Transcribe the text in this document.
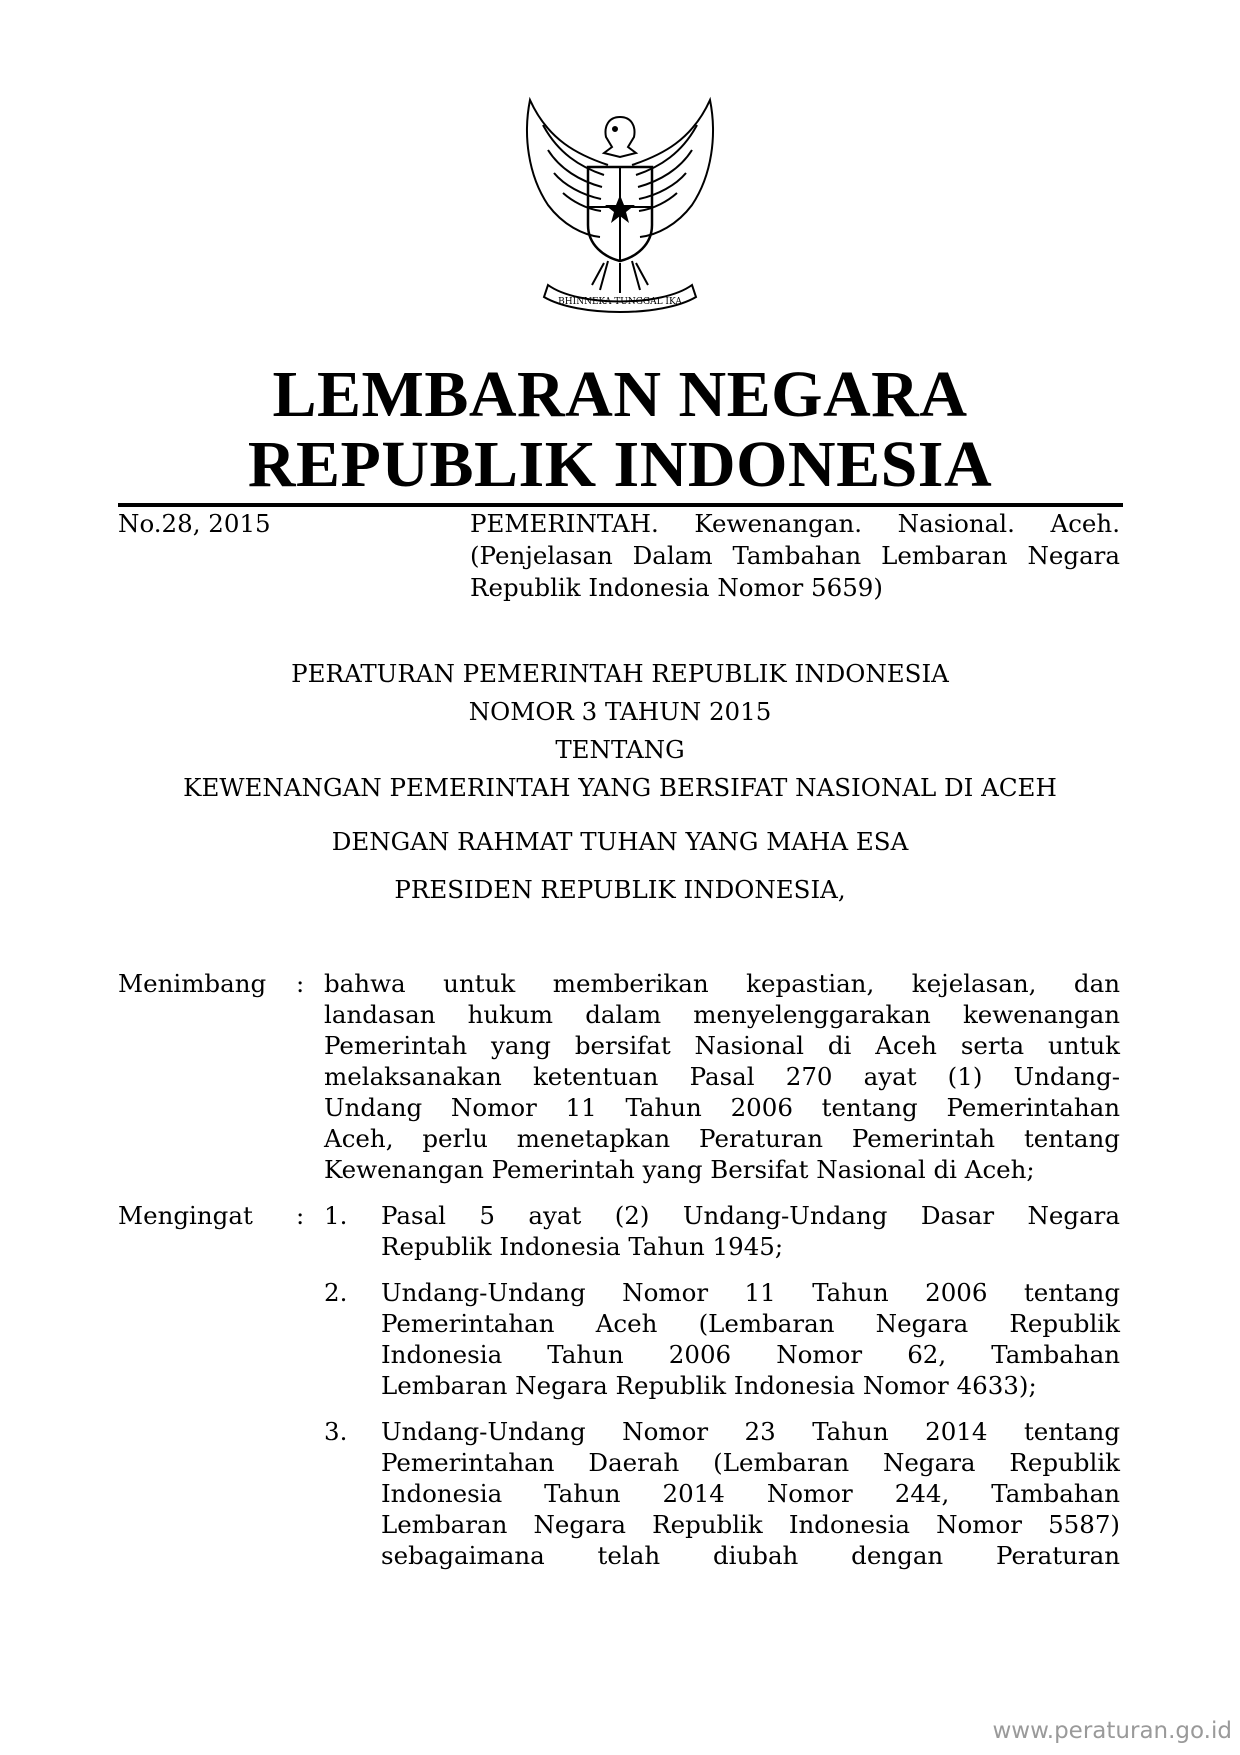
BHINNEKA TUNGGAL IKA
LEMBARAN NEGARA
REPUBLIK INDONESIA
No.28, 2015	PEMERINTAH. Kewenangan. Nasional. Aceh.
(Penjelasan Dalam Tambahan Lembaran Negara
Republik Indonesia Nomor 5659)
PERATURAN PEMERINTAH REPUBLIK INDONESIA
NOMOR 3 TAHUN 2015
TENTANG
KEWENANGAN PEMERINTAH YANG BERSIFAT NASIONAL DI ACEH
DENGAN RAHMAT TUHAN YANG MAHA ESA
PRESIDEN REPUBLIK INDONESIA,
Menimbang : bahwa untuk memberikan kepastian, kejelasan, dan
landasan hukum dalam menyelenggarakan kewenangan
Pemerintah yang bersifat Nasional di Aceh serta untuk
melaksanakan ketentuan Pasal 270 ayat (1) Undang-
Undang Nomor 11 Tahun 2006 tentang Pemerintahan
Aceh, perlu menetapkan Peraturan Pemerintah tentang
Kewenangan Pemerintah yang Bersifat Nasional di Aceh;
Mengingat : 1. Pasal 5 ayat (2) Undang-Undang Dasar Negara
Republik Indonesia Tahun 1945;
2. Undang-Undang Nomor 11 Tahun 2006 tentang
Pemerintahan Aceh (Lembaran Negara Republik
Indonesia Tahun 2006 Nomor 62, Tambahan
Lembaran Negara Republik Indonesia Nomor 4633);
3. Undang-Undang Nomor 23 Tahun 2014 tentang
Pemerintahan Daerah (Lembaran Negara Republik
Indonesia Tahun 2014 Nomor 244, Tambahan
Lembaran Negara Republik Indonesia Nomor 5587)
sebagaimana telah diubah dengan Peraturan
www.peraturan.go.id
